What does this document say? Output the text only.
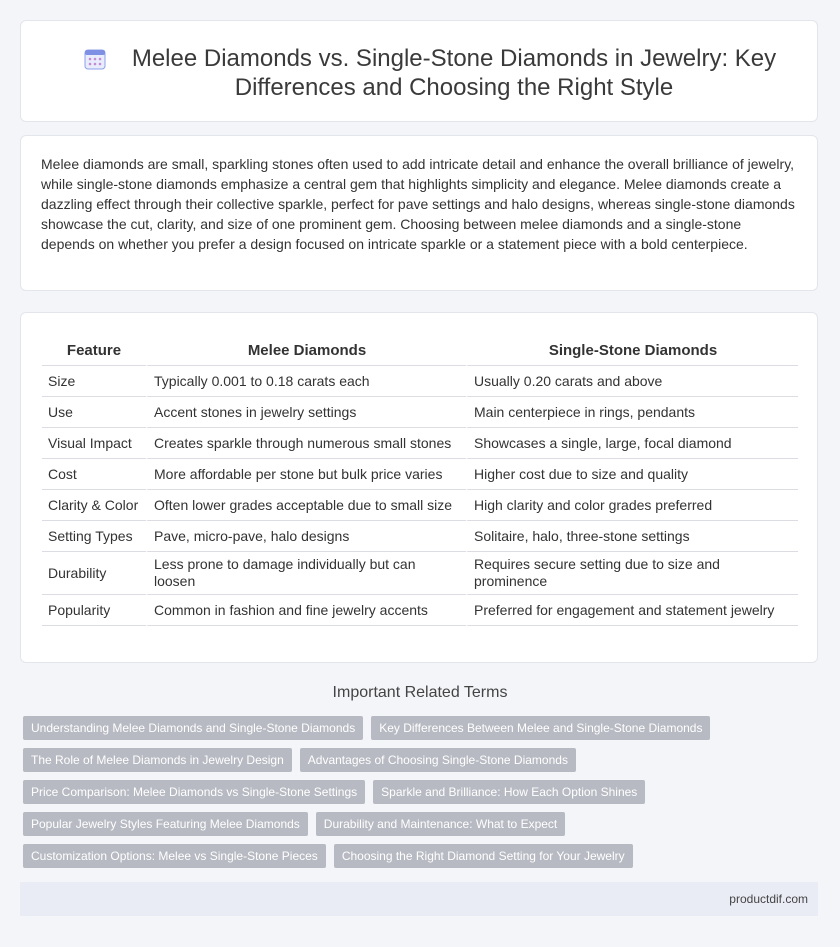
Melee Diamonds vs. Single-Stone Diamonds in Jewelry: Key Differences and Choosing the Right Style

Melee diamonds are small, sparkling stones often used to add intricate detail and enhance the overall brilliance of jewelry, while single-stone diamonds emphasize a central gem that highlights simplicity and elegance. Melee diamonds create a dazzling effect through their collective sparkle, perfect for pave settings and halo designs, whereas single-stone diamonds showcase the cut, clarity, and size of one prominent gem. Choosing between melee diamonds and a single-stone depends on whether you prefer a design focused on intricate sparkle or a statement piece with a bold centerpiece.

Feature	Melee Diamonds	Single-Stone Diamonds
Size	Typically 0.001 to 0.18 carats each	Usually 0.20 carats and above
Use	Accent stones in jewelry settings	Main centerpiece in rings, pendants
Visual Impact	Creates sparkle through numerous small stones	Showcases a single, large, focal diamond
Cost	More affordable per stone but bulk price varies	Higher cost due to size and quality
Clarity & Color	Often lower grades acceptable due to small size	High clarity and color grades preferred
Setting Types	Pave, micro-pave, halo designs	Solitaire, halo, three-stone settings
Durability	Less prone to damage individually but can loosen	Requires secure setting due to size and prominence
Popularity	Common in fashion and fine jewelry accents	Preferred for engagement and statement jewelry
Important Related Terms
Understanding Melee Diamonds and Single-Stone Diamonds	Key Differences Between Melee and Single-Stone Diamonds
The Role of Melee Diamonds in Jewelry Design	Advantages of Choosing Single-Stone Diamonds
Price Comparison: Melee Diamonds vs Single-Stone Settings	Sparkle and Brilliance: How Each Option Shines
Popular Jewelry Styles Featuring Melee Diamonds	Durability and Maintenance: What to Expect
Customization Options: Melee vs Single-Stone Pieces	Choosing the Right Diamond Setting for Your Jewelry
productdif.com
